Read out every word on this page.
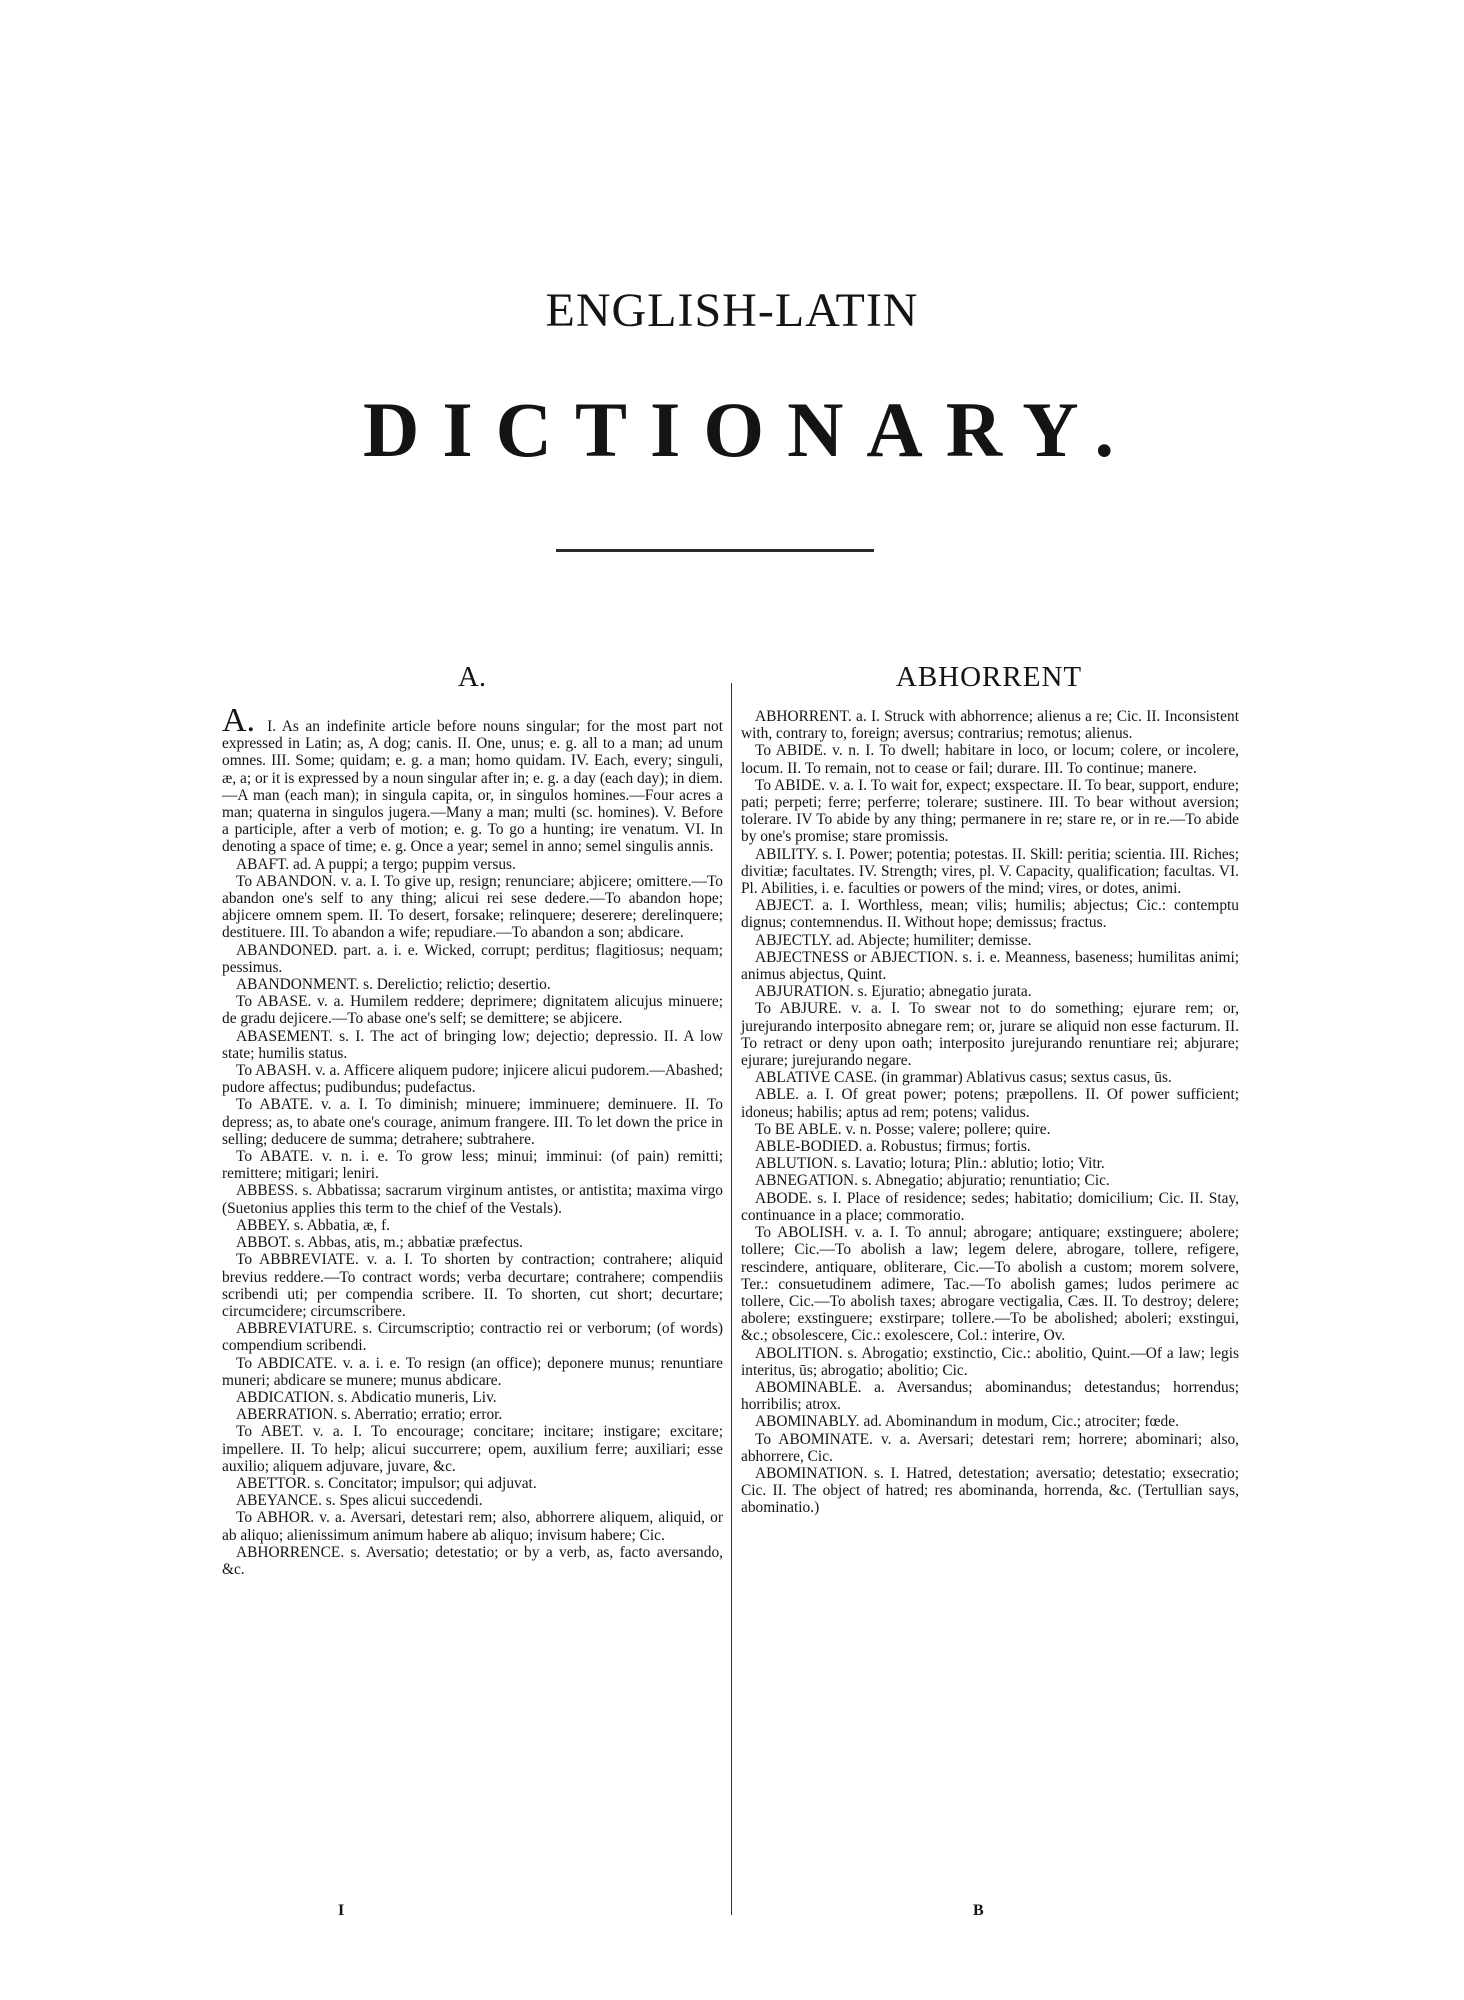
ENGLISH-LATIN
DICTIONARY.
A.	ABHORRENT

A. I. As an indefinite article before nouns singular; for the most part not expressed in Latin; as, A dog; canis. II. One, unus; e. g. all to a man; ad unum omnes. III. Some; quidam; e. g. a man; homo quidam. IV. Each, every; singuli, æ, a; or it is expressed by a noun singular after in; e. g. a day (each day); in diem.—A man (each man); in singula capita, or, in singulos homines.—Four acres a man; quaterna in singulos jugera.—Many a man; multi (sc. homines). V. Before a participle, after a verb of motion; e. g. To go a hunting; ire venatum. VI. In denoting a space of time; e. g. Once a year; semel in anno; semel singulis annis.

ABAFT. ad. A puppi; a tergo; puppim versus.

To ABANDON. v. a. I. To give up, resign; renunciare; abjicere; omittere.—To abandon one's self to any thing; alicui rei sese dedere.—To abandon hope; abjicere omnem spem. II. To desert, forsake; relinquere; deserere; derelinquere; destituere. III. To abandon a wife; repudiare.—To abandon a son; abdicare.

ABANDONED. part. a. i. e. Wicked, corrupt; perditus; flagitiosus; nequam; pessimus.

ABANDONMENT. s. Derelictio; relictio; desertio.

To ABASE. v. a. Humilem reddere; deprimere; dignitatem alicujus minuere; de gradu dejicere.—To abase one's self; se demittere; se abjicere.

ABASEMENT. s. I. The act of bringing low; dejectio; depressio. II. A low state; humilis status.

To ABASH. v. a. Afficere aliquem pudore; injicere alicui pudorem.—Abashed; pudore affectus; pudibundus; pudefactus.

To ABATE. v. a. I. To diminish; minuere; imminuere; deminuere. II. To depress; as, to abate one's courage, animum frangere. III. To let down the price in selling; deducere de summa; detrahere; subtrahere.

To ABATE. v. n. i. e. To grow less; minui; imminui: (of pain) remitti; remittere; mitigari; leniri.

ABBESS. s. Abbatissa; sacrarum virginum antistes, or antistita; maxima virgo (Suetonius applies this term to the chief of the Vestals).

ABBEY. s. Abbatia, æ, f.

ABBOT. s. Abbas, atis, m.; abbatiæ præfectus.

To ABBREVIATE. v. a. I. To shorten by contraction; contrahere; aliquid brevius reddere.—To contract words; verba decurtare; contrahere; compendiis scribendi uti; per compendia scribere. II. To shorten, cut short; decurtare; circumcidere; circumscribere.

ABBREVIATURE. s. Circumscriptio; contractio rei or verborum; (of words) compendium scribendi.

To ABDICATE. v. a. i. e. To resign (an office); deponere munus; renuntiare muneri; abdicare se munere; munus abdicare.

ABDICATION. s. Abdicatio muneris, Liv.

ABERRATION. s. Aberratio; erratio; error.

To ABET. v. a. I. To encourage; concitare; incitare; instigare; excitare; impellere. II. To help; alicui succurrere; opem, auxilium ferre; auxiliari; esse auxilio; aliquem adjuvare, juvare, &c.

ABETTOR. s. Concitator; impulsor; qui adjuvat.

ABEYANCE. s. Spes alicui succedendi.

To ABHOR. v. a. Aversari, detestari rem; also, abhorrere aliquem, aliquid, or ab aliquo; alienissimum animum habere ab aliquo; invisum habere; Cic.

ABHORRENCE. s. Aversatio; detestatio; or by a verb, as, facto aversando, &c.

ABHORRENT. a. I. Struck with abhorrence; alienus a re; Cic. II. Inconsistent with, contrary to, foreign; aversus; contrarius; remotus; alienus.

To ABIDE. v. n. I. To dwell; habitare in loco, or locum; colere, or incolere, locum. II. To remain, not to cease or fail; durare. III. To continue; manere.

To ABIDE. v. a. I. To wait for, expect; exspectare. II. To bear, support, endure; pati; perpeti; ferre; perferre; tolerare; sustinere. III. To bear without aversion; tolerare. IV To abide by any thing; permanere in re; stare re, or in re.—To abide by one's promise; stare promissis.

ABILITY. s. I. Power; potentia; potestas. II. Skill: peritia; scientia. III. Riches; divitiæ; facultates. IV. Strength; vires, pl. V. Capacity, qualification; facultas. VI. Pl. Abilities, i. e. faculties or powers of the mind; vires, or dotes, animi.

ABJECT. a. I. Worthless, mean; vilis; humilis; abjectus; Cic.: contemptu dignus; contemnendus. II. Without hope; demissus; fractus.

ABJECTLY. ad. Abjecte; humiliter; demisse.

ABJECTNESS or ABJECTION. s. i. e. Meanness, baseness; humilitas animi; animus abjectus, Quint.

ABJURATION. s. Ejuratio; abnegatio jurata.

To ABJURE. v. a. I. To swear not to do something; ejurare rem; or, jurejurando interposito abnegare rem; or, jurare se aliquid non esse facturum. II. To retract or deny upon oath; interposito jurejurando renuntiare rei; abjurare; ejurare; jurejurando negare.

ABLATIVE CASE. (in grammar) Ablativus casus; sextus casus, ūs.

ABLE. a. I. Of great power; potens; præpollens. II. Of power sufficient; idoneus; habilis; aptus ad rem; potens; validus.

To BE ABLE. v. n. Posse; valere; pollere; quire.

ABLE-BODIED. a. Robustus; firmus; fortis.

ABLUTION. s. Lavatio; lotura; Plin.: ablutio; lotio; Vitr.

ABNEGATION. s. Abnegatio; abjuratio; renuntiatio; Cic.

ABODE. s. I. Place of residence; sedes; habitatio; domicilium; Cic. II. Stay, continuance in a place; commoratio.

To ABOLISH. v. a. I. To annul; abrogare; antiquare; exstinguere; abolere; tollere; Cic.—To abolish a law; legem delere, abrogare, tollere, refigere, rescindere, antiquare, obliterare, Cic.—To abolish a custom; morem solvere, Ter.: consuetudinem adimere, Tac.—To abolish games; ludos perimere ac tollere, Cic.—To abolish taxes; abrogare vectigalia, Cæs. II. To destroy; delere; abolere; exstinguere; exstirpare; tollere.—To be abolished; aboleri; exstingui, &c.; obsolescere, Cic.: exolescere, Col.: interire, Ov.

ABOLITION. s. Abrogatio; exstinctio, Cic.: abolitio, Quint.—Of a law; legis interitus, ūs; abrogatio; abolitio; Cic.

ABOMINABLE. a. Aversandus; abominandus; detestandus; horrendus; horribilis; atrox.

ABOMINABLY. ad. Abominandum in modum, Cic.; atrociter; fœde.

To ABOMINATE. v. a. Aversari; detestari rem; horrere; abominari; also, abhorrere, Cic.

ABOMINATION. s. I. Hatred, detestation; aversatio; detestatio; exsecratio; Cic. II. The object of hatred; res abominanda, horrenda, &c. (Tertullian says, abominatio.)

I	B
